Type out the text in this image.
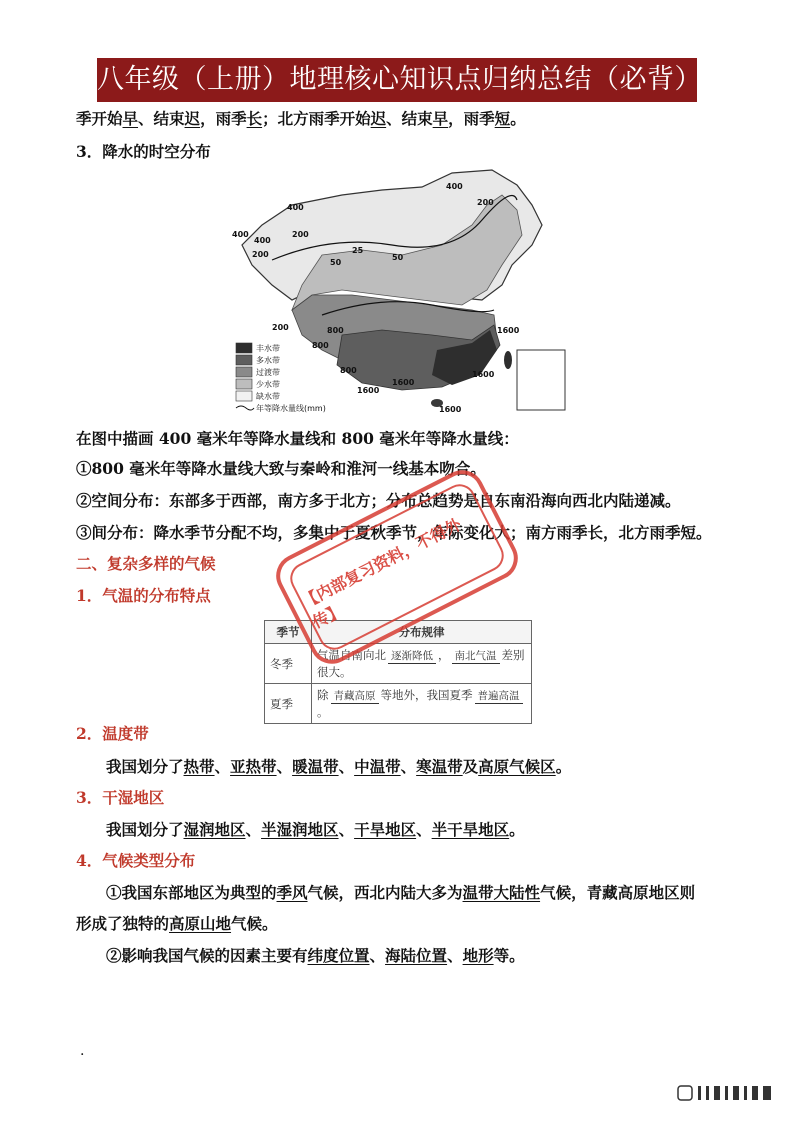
八年级（上册）地理核心知识点归纳总结（必背）
季开始早、结束迟，雨季长；北方雨季开始迟、结束早，雨季短。
3．降水的时空分布
400
200
400
200
200
400
50
50
25
200
800
800	1600
1600
1600
1600
1600
800
400
丰水带
多水带
过渡带
少水带
缺水带
年等降水量线(mm)
在图中描画 400 毫米年等降水量线和 800 毫米年等降水量线：
①800 毫米年等降水量线大致与秦岭和淮河一线基本吻合。
②空间分布：东部多于西部，南方多于北方；分布总趋势是自东南沿海向西北内陆递减。
③间分布：降水季节分配不均，多集中于夏秋季节，年际变化大；南方雨季长，北方雨季短。
二、复杂多样的气候
1．气温的分布特点
季节	分布规律
冬季	气温自南向北 逐渐降低 ， 南北气温 差别很大。
夏季	除 青藏高原 等地外，我国夏季 普遍高温。
【内部复习资料，不得外传】
2．温度带
我国划分了热带、亚热带、暖温带、中温带、寒温带及高原气候区。
3．干湿地区
我国划分了湿润地区、半湿润地区、干旱地区、半干旱地区。
4．气候类型分布
①我国东部地区为典型的季风气候，西北内陆大多为温带大陆性气候，青藏高原地区则
形成了独特的高原山地气候。
②影响我国气候的因素主要有纬度位置、海陆位置、地形等。
.
